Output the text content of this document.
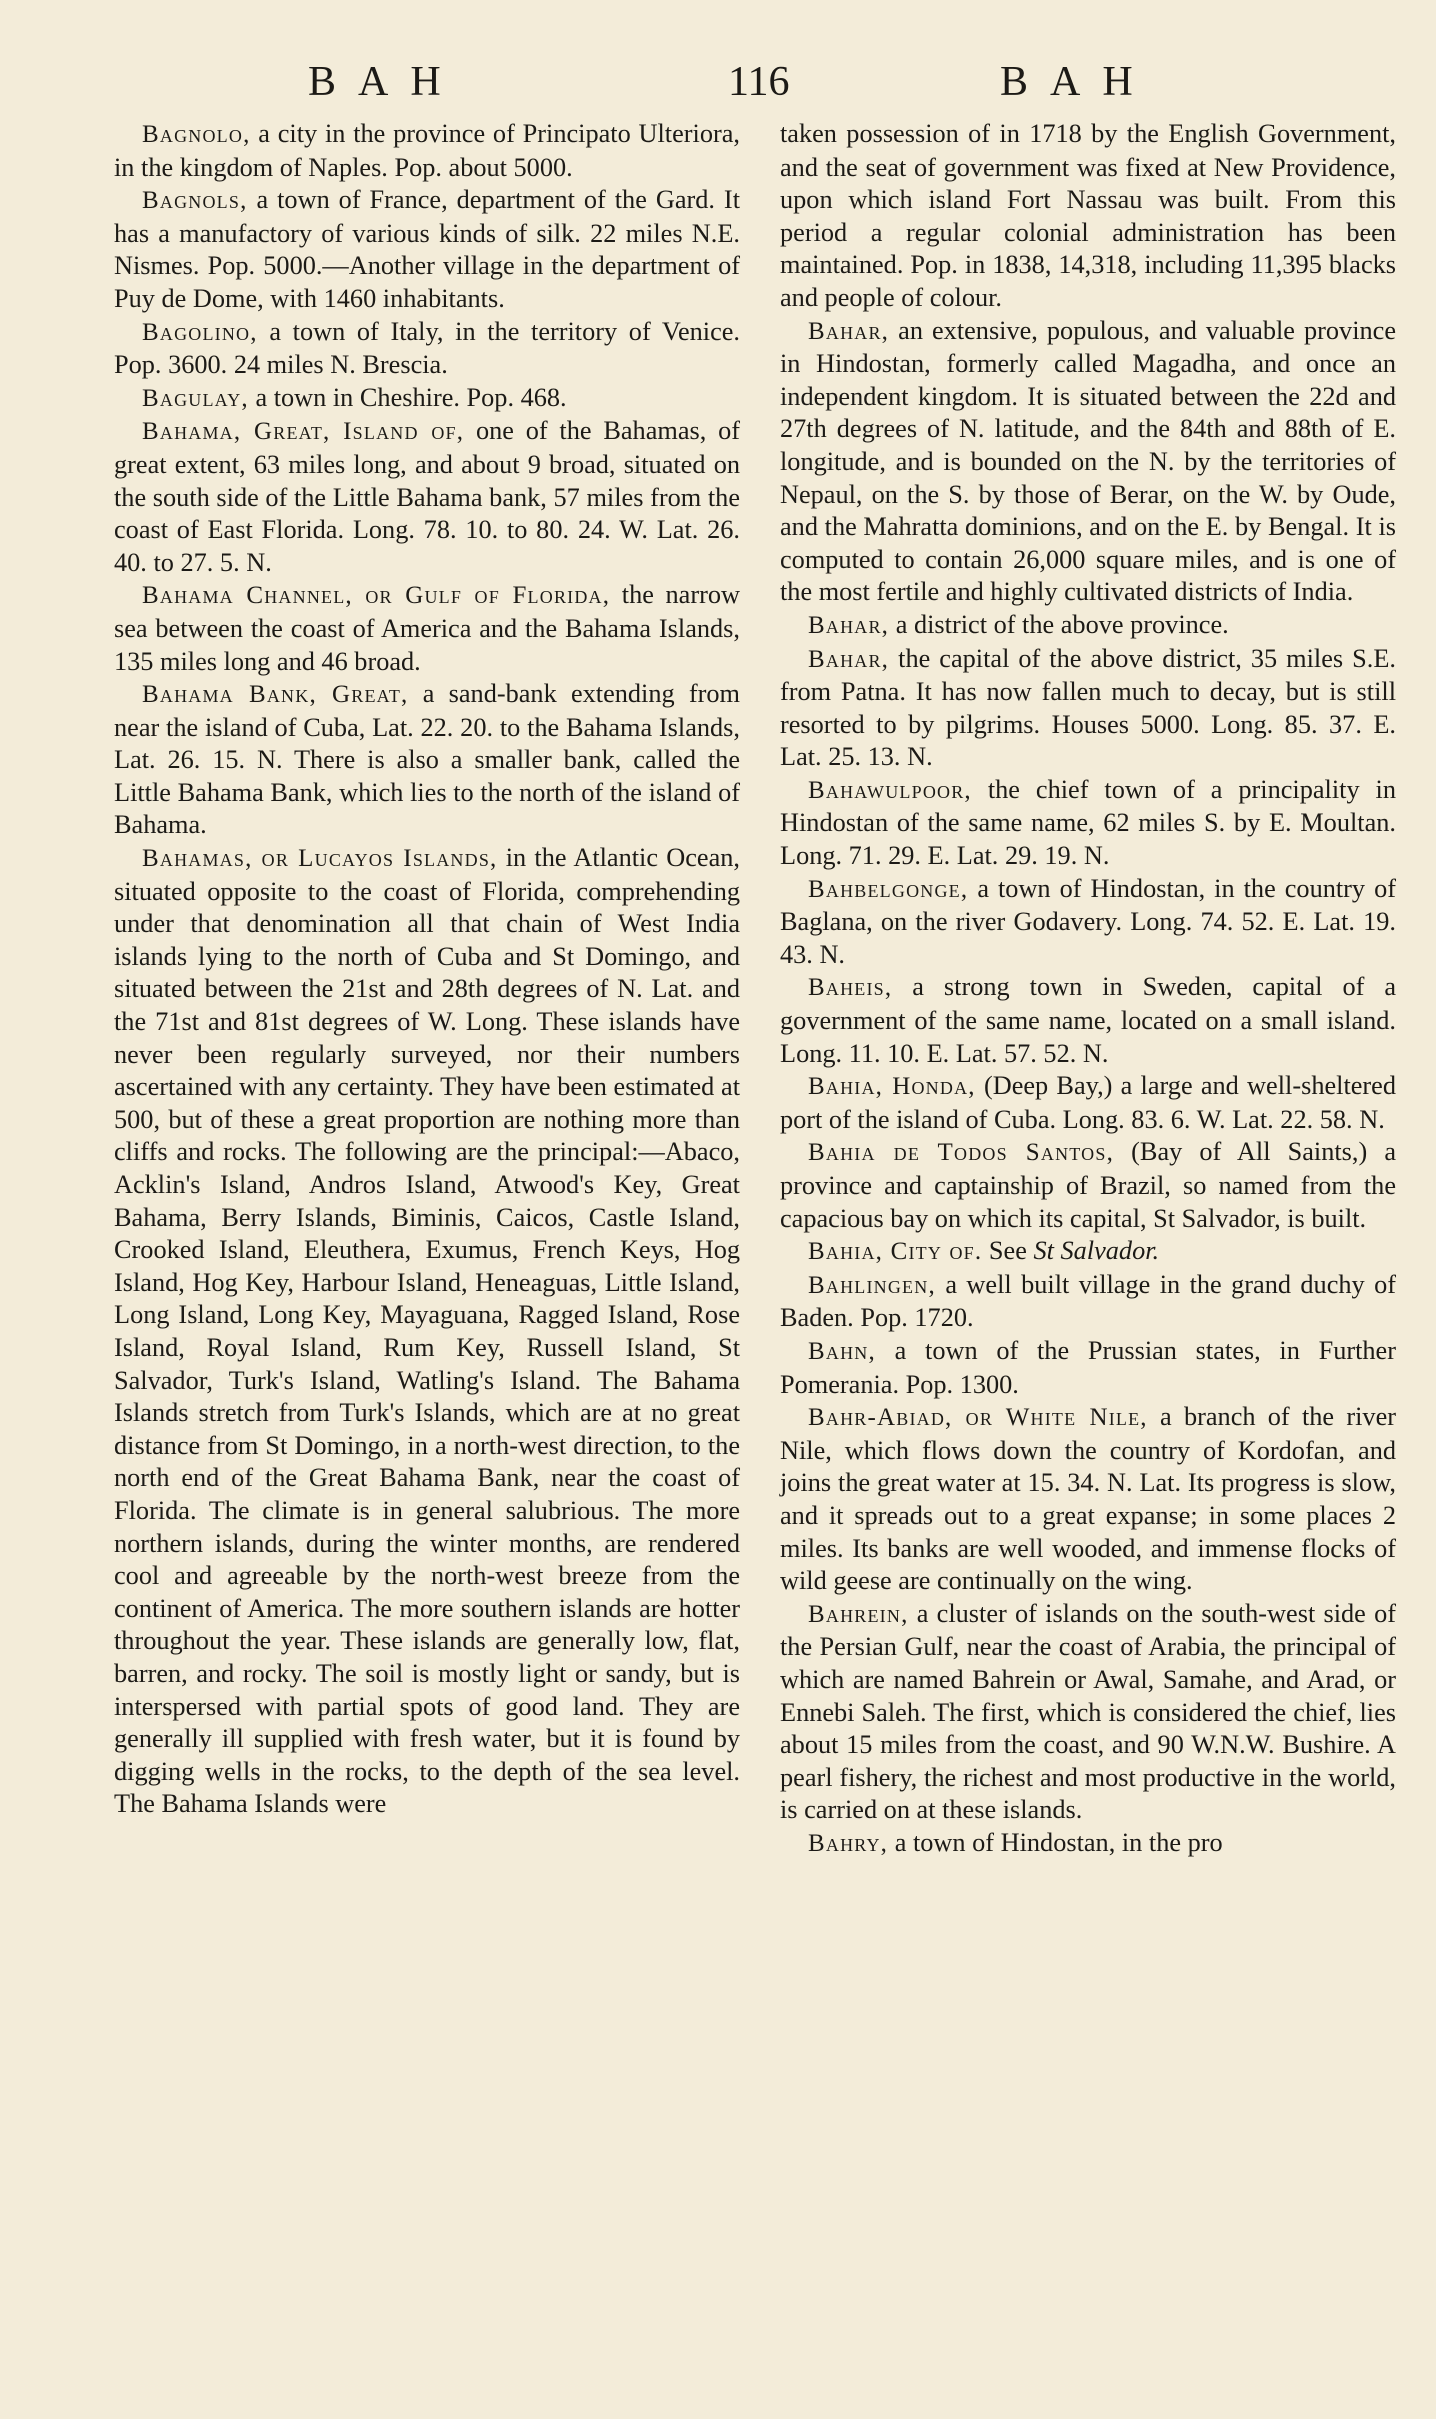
BAH	116	BAH

Bagnolo, a city in the province of Principato Ulteriora, in the kingdom of Naples. Pop. about 5000.

Bagnols, a town of France, department of the Gard. It has a manufactory of various kinds of silk. 22 miles N.E. Nismes. Pop. 5000.—Another village in the department of Puy de Dome, with 1460 inhabitants.

Bagolino, a town of Italy, in the territory of Venice. Pop. 3600. 24 miles N. Brescia.

Bagulay, a town in Cheshire. Pop. 468.

Bahama, Great, Island of, one of the Bahamas, of great extent, 63 miles long, and about 9 broad, situated on the south side of the Little Bahama bank, 57 miles from the coast of East Florida. Long. 78. 10. to 80. 24. W. Lat. 26. 40. to 27. 5. N.

Bahama Channel, or Gulf of Florida, the narrow sea between the coast of America and the Bahama Islands, 135 miles long and 46 broad.

Bahama Bank, Great, a sand-bank extending from near the island of Cuba, Lat. 22. 20. to the Bahama Islands, Lat. 26. 15. N. There is also a smaller bank, called the Little Bahama Bank, which lies to the north of the island of Bahama.

Bahamas, or Lucayos Islands, in the Atlantic Ocean, situated opposite to the coast of Florida, comprehending under that denomination all that chain of West India islands lying to the north of Cuba and St Domingo, and situated between the 21st and 28th degrees of N. Lat. and the 71st and 81st degrees of W. Long. These islands have never been regularly surveyed, nor their numbers ascertained with any certainty. They have been estimated at 500, but of these a great proportion are nothing more than cliffs and rocks. The following are the principal:—Abaco, Acklin's Island, Andros Island, Atwood's Key, Great Bahama, Berry Islands, Biminis, Caicos, Castle Island, Crooked Island, Eleuthera, Exumus, French Keys, Hog Island, Hog Key, Harbour Island, Heneaguas, Little Island, Long Island, Long Key, Mayaguana, Ragged Island, Rose Island, Royal Island, Rum Key, Russell Island, St Salvador, Turk's Island, Watling's Island. The Bahama Islands stretch from Turk's Islands, which are at no great distance from St Domingo, in a north-west direction, to the north end of the Great Bahama Bank, near the coast of Florida. The climate is in general salubrious. The more northern islands, during the winter months, are rendered cool and agreeable by the north-west breeze from the continent of America. The more southern islands are hotter throughout the year. These islands are generally low, flat, barren, and rocky. The soil is mostly light or sandy, but is interspersed with partial spots of good land. They are generally ill supplied with fresh water, but it is found by digging wells in the rocks, to the depth of the sea level. The Bahama Islands were

taken possession of in 1718 by the English Government, and the seat of government was fixed at New Providence, upon which island Fort Nassau was built. From this period a regular colonial administration has been maintained. Pop. in 1838, 14,318, including 11,395 blacks and people of colour.

Bahar, an extensive, populous, and valuable province in Hindostan, formerly called Magadha, and once an independent kingdom. It is situated between the 22d and 27th degrees of N. latitude, and the 84th and 88th of E. longitude, and is bounded on the N. by the territories of Nepaul, on the S. by those of Berar, on the W. by Oude, and the Mahratta dominions, and on the E. by Bengal. It is computed to contain 26,000 square miles, and is one of the most fertile and highly cultivated districts of India.

Bahar, a district of the above province.

Bahar, the capital of the above district, 35 miles S.E. from Patna. It has now fallen much to decay, but is still resorted to by pilgrims. Houses 5000. Long. 85. 37. E. Lat. 25. 13. N.

Bahawulpoor, the chief town of a principality in Hindostan of the same name, 62 miles S. by E. Moultan. Long. 71. 29. E. Lat. 29. 19. N.

Bahbelgonge, a town of Hindostan, in the country of Baglana, on the river Godavery. Long. 74. 52. E. Lat. 19. 43. N.

Baheis, a strong town in Sweden, capital of a government of the same name, located on a small island. Long. 11. 10. E. Lat. 57. 52. N.

Bahia, Honda, (Deep Bay,) a large and well-sheltered port of the island of Cuba. Long. 83. 6. W. Lat. 22. 58. N.

Bahia de Todos Santos, (Bay of All Saints,) a province and captainship of Brazil, so named from the capacious bay on which its capital, St Salvador, is built.

Bahia, City of. See St Salvador.

Bahlingen, a well built village in the grand duchy of Baden. Pop. 1720.

Bahn, a town of the Prussian states, in Further Pomerania. Pop. 1300.

Bahr-Abiad, or White Nile, a branch of the river Nile, which flows down the country of Kordofan, and joins the great water at 15. 34. N. Lat. Its progress is slow, and it spreads out to a great expanse; in some places 2 miles. Its banks are well wooded, and immense flocks of wild geese are continually on the wing.

Bahrein, a cluster of islands on the south-west side of the Persian Gulf, near the coast of Arabia, the principal of which are named Bahrein or Awal, Samahe, and Arad, or Ennebi Saleh. The first, which is considered the chief, lies about 15 miles from the coast, and 90 W.N.W. Bushire. A pearl fishery, the richest and most productive in the world, is carried on at these islands.

Bahry, a town of Hindostan, in the pro
